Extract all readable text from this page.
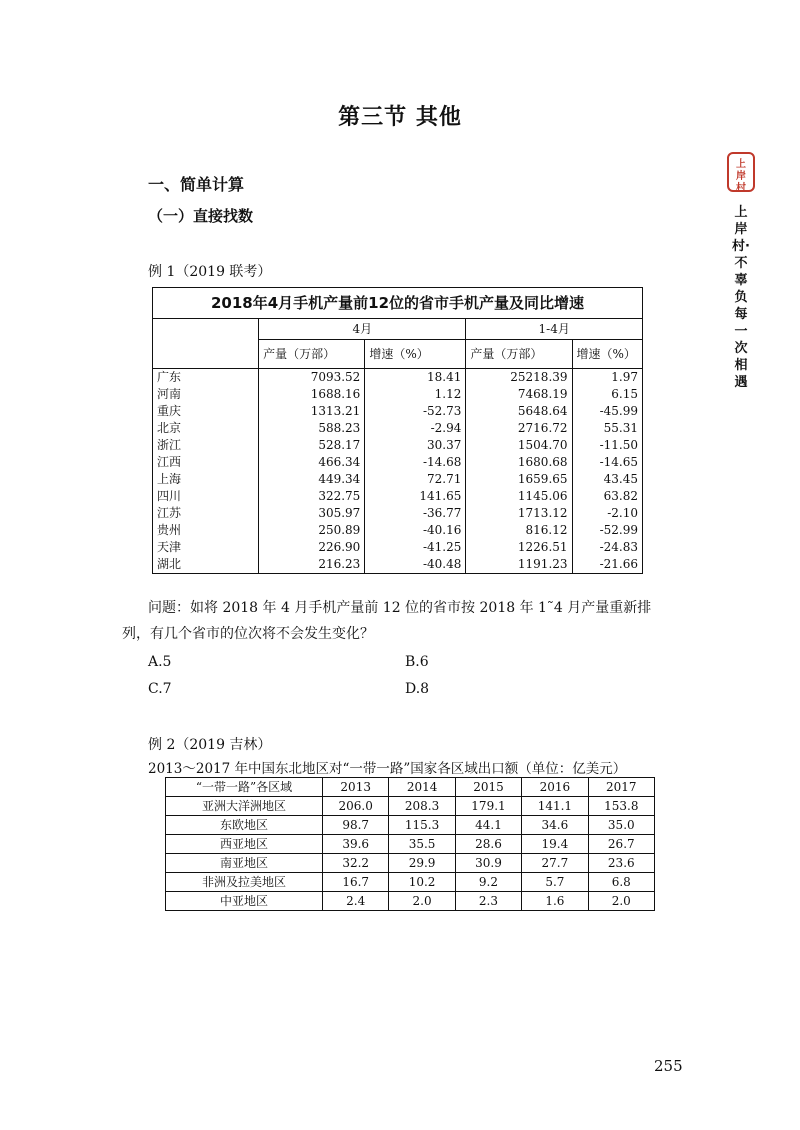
第三节 其他
上
岸
村
上岸村·不辜负每一次相遇
一、简单计算
（一）直接找数
例 1（2019 联考）
2018年4月手机产量前12位的省市手机产量及同比增速				
	4月		1-4月	
	产量（万部）	增速（%）	产量（万部）	增速（%）
广东	7093.52	18.41	25218.39	1.97
河南	1688.16	1.12	7468.19	6.15
重庆	1313.21	-52.73	5648.64	-45.99
北京	588.23	-2.94	2716.72	55.31
浙江	528.17	30.37	1504.70	-11.50
江西	466.34	-14.68	1680.68	-14.65
上海	449.34	72.71	1659.65	43.45
四川	322.75	141.65	1145.06	63.82
江苏	305.97	-36.77	1713.12	-2.10
贵州	250.89	-40.16	816.12	-52.99
天津	226.90	-41.25	1226.51	-24.83
湖北	216.23	-40.48	1191.23	-21.66
问题：如将 2018 年 4 月手机产量前 12 位的省市按 2018 年 1˜4 月产量重新排
列，有几个省市的位次将不会发生变化？
A.5	B.6
C.7	D.8
例 2（2019 吉林）
2013～2017 年中国东北地区对“一带一路”国家各区域出口额（单位：亿美元）
“一带一路”各区域	2013	2014	2015	2016	2017
亚洲大洋洲地区	206.0	208.3	179.1	141.1	153.8
东欧地区	98.7	115.3	44.1	34.6	35.0
西亚地区	39.6	35.5	28.6	19.4	26.7
南亚地区	32.2	29.9	30.9	27.7	23.6
非洲及拉美地区	16.7	10.2	9.2	5.7	6.8
中亚地区	2.4	2.0	2.3	1.6	2.0
255
